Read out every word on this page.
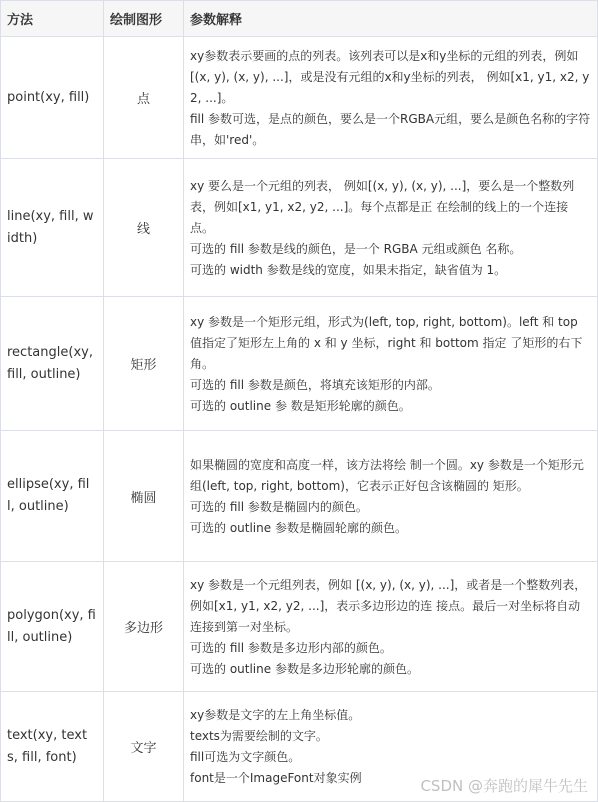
方法	绘制图形	参数解释
point(xy, fill)	点	xy参数表示要画的点的列表。该列表可以是x和y坐标的元组的列表，例如[(x, y), (x, y), ...]，或是没有元组的x和y坐标的列表， 例如[x1, y1, x2, y2, ...]。

fill 参数可选，是点的颜色，要么是一个RGBA元组，要么是颜色名称的字符串，如'red'。

line(xy, fill, width)	线	xy 要么是一个元组的列表， 例如[(x, y), (x, y), ...]，要么是一个整数列表，例如[x1, y1, x2, y2, ...]。每个点都是正 在绘制的线上的一个连接点。

可选的 fill 参数是线的颜色，是一个 RGBA 元组或颜色 名称。

可选的 width 参数是线的宽度，如果未指定，缺省值为 1。

rectangle(xy, fill, outline)	矩形	xy 参数是一个矩形元组，形式为(left, top, right, bottom)。left 和 top 值指定了矩形左上角的 x 和 y 坐标，right 和 bottom 指定 了矩形的右下角。

可选的 fill 参数是颜色，将填充该矩形的内部。

可选的 outline 参 数是矩形轮廓的颜色。

ellipse(xy, fill, outline)	椭圆	如果椭圆的宽度和高度一样，该方法将绘 制一个圆。xy 参数是一个矩形元组(left, top, right, bottom)，它表示正好包含该椭圆的 矩形。

可选的 fill 参数是椭圆内的颜色。

可选的 outline 参数是椭圆轮廓的颜色。

polygon(xy, fill, outline)	多边形	xy 参数是一个元组列表，例如 [(x, y), (x, y), ...]，或者是一个整数列表，例如[x1, y1, x2, y2, ...]，表示多边形边的连 接点。最后一对坐标将自动连接到第一对坐标。

可选的 fill 参数是多边形内部的颜色。

可选的 outline 参数是多边形轮廓的颜色。

text(xy, texts, fill, font)	文字	xy参数是文字的左上角坐标值。

texts为需要绘制的文字。

fill可选为文字颜色。

font是一个ImageFont对象实例	CSDN @奔跑的犀牛先生
